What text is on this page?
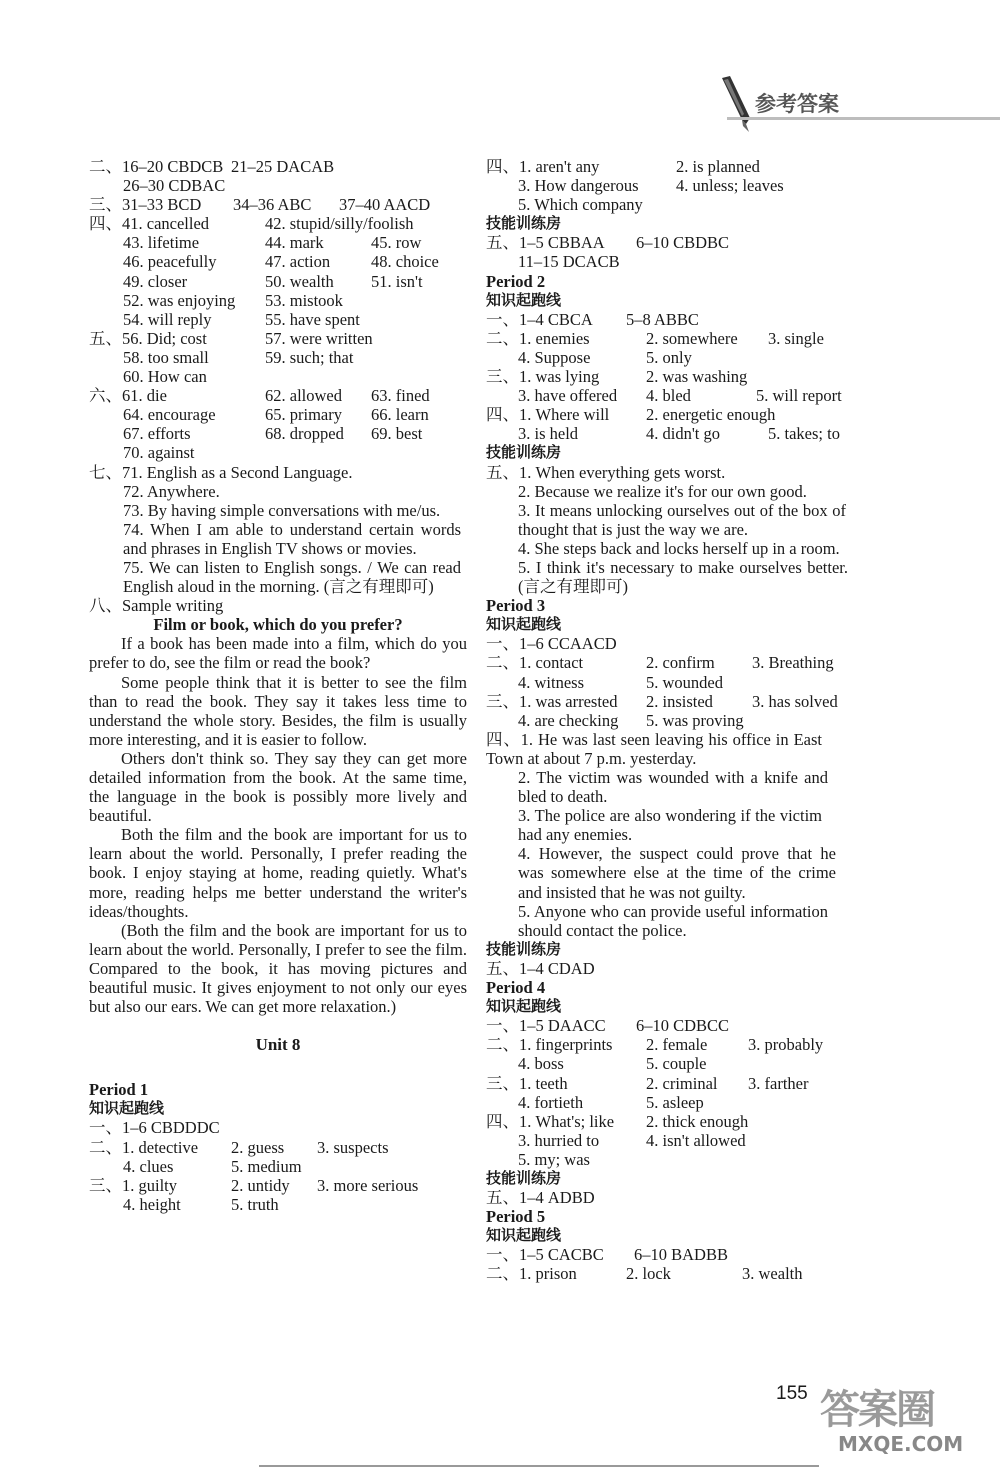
参考答案
二、16–20 CBDCB 21–25 DACAB
26–30 CDBAC
三、31–33 BCD 34–36 ABC 37–40 AACD
四、41. cancelled	42. stupid/silly/foolish
43. lifetime	44. mark	45. row
46. peacefully	47. action 48. choice
49. closer	50. wealth 51. isn't
52. was enjoying 53. mistook
54. will reply	55. have spent
五、56. Did; cost	57. were written
58. too small	59. such; that
60. How can
六、61. die	62. allowed 63. fined
64. encourage	65. primary 66. learn
67. efforts	68. dropped 69. best
70. against
七、71. English as a Second Language.
72. Anywhere.
73. By having simple conversations with me/us.
74. When I am able to understand certain words and phrases in English TV shows or movies.
75. We can listen to English songs. / We can read English aloud in the morning. (言之有理即可)
八、Sample writing
Film or book, which do you prefer?
If a book has been made into a film, which do you prefer to do, see the film or read the book?
Some people think that it is better to see the film than to read the book. They say it takes less time to understand the whole story. Besides, the film is usually more interesting, and it is easier to follow.
Others don't think so. They say they can get more detailed information from the book. At the same time, the language in the book is possibly more lively and beautiful.
Both the film and the book are important for us to learn about the world. Personally, I prefer reading the book. I enjoy staying at home, reading quietly. What's more, reading helps me better understand the writer's ideas/thoughts.
(Both the film and the book are important for us to learn about the world. Personally, I prefer to see the film. Compared to the book, it has moving pictures and beautiful music. It gives enjoyment to not only our eyes but also our ears. We can get more relaxation.)
Unit 8
Period 1
知识起跑线
一、1–6 CBDDDC
二、1. detective 2. guess 3. suspects
4. clues	5. medium
三、1. guilty	2. untidy 3. more serious
4. height	5. truth
四、1. aren't any	2. is planned
3. How dangerous 4. unless; leaves
5. Which company
技能训练房
五、1–5 CBBAA 6–10 CBDBC
11–15 DCACB
Period 2
知识起跑线
一、1–4 CBCA 5–8 ABBC
二、1. enemies	2. somewhere 3. single
4. Suppose	5. only
三、1. was lying	2. was washing
3. have offered 4. bled	5. will report
四、1. Where will 2. energetic enough
3. is held	4. didn't go	5. takes; to
技能训练房
五、1. When everything gets worst.
2. Because we realize it's for our own good.
3. It means unlocking ourselves out of the box of thought that is just the way we are.
4. She steps back and locks herself up in a room.
5. I think it's necessary to make ourselves better. (言之有理即可)
Period 3
知识起跑线
一、1–6 CCAACD
二、1. contact	2. confirm 3. Breathing
4. witness	5. wounded
三、1. was arrested 2. insisted 3. has solved
4. are checking 5. was proving
四、1. He was last seen leaving his office in East Town at about 7 p.m. yesterday.
2. The victim was wounded with a knife and bled to death.
3. The police are also wondering if the victim had any enemies.
4. However, the suspect could prove that he was somewhere else at the time of the crime and insisted that he was not guilty.
5. Anyone who can provide useful information should contact the police.
技能训练房
五、1–4 CDAD
Period 4
知识起跑线
一、1–5 DAACC 6–10 CDBCC
二、1. fingerprints 2. female 3. probably
4. boss	5. couple
三、1. teeth	2. criminal 3. farther
4. fortieth	5. asleep
四、1. What's; like 2. thick enough
3. hurried to	4. isn't allowed
5. my; was
技能训练房
五、1–4 ADBD
Period 5
知识起跑线
一、1–5 CACBC 6–10 BADBB
二、1. prison	2. lock	3. wealth
155 答案圈
MXQE.COM
